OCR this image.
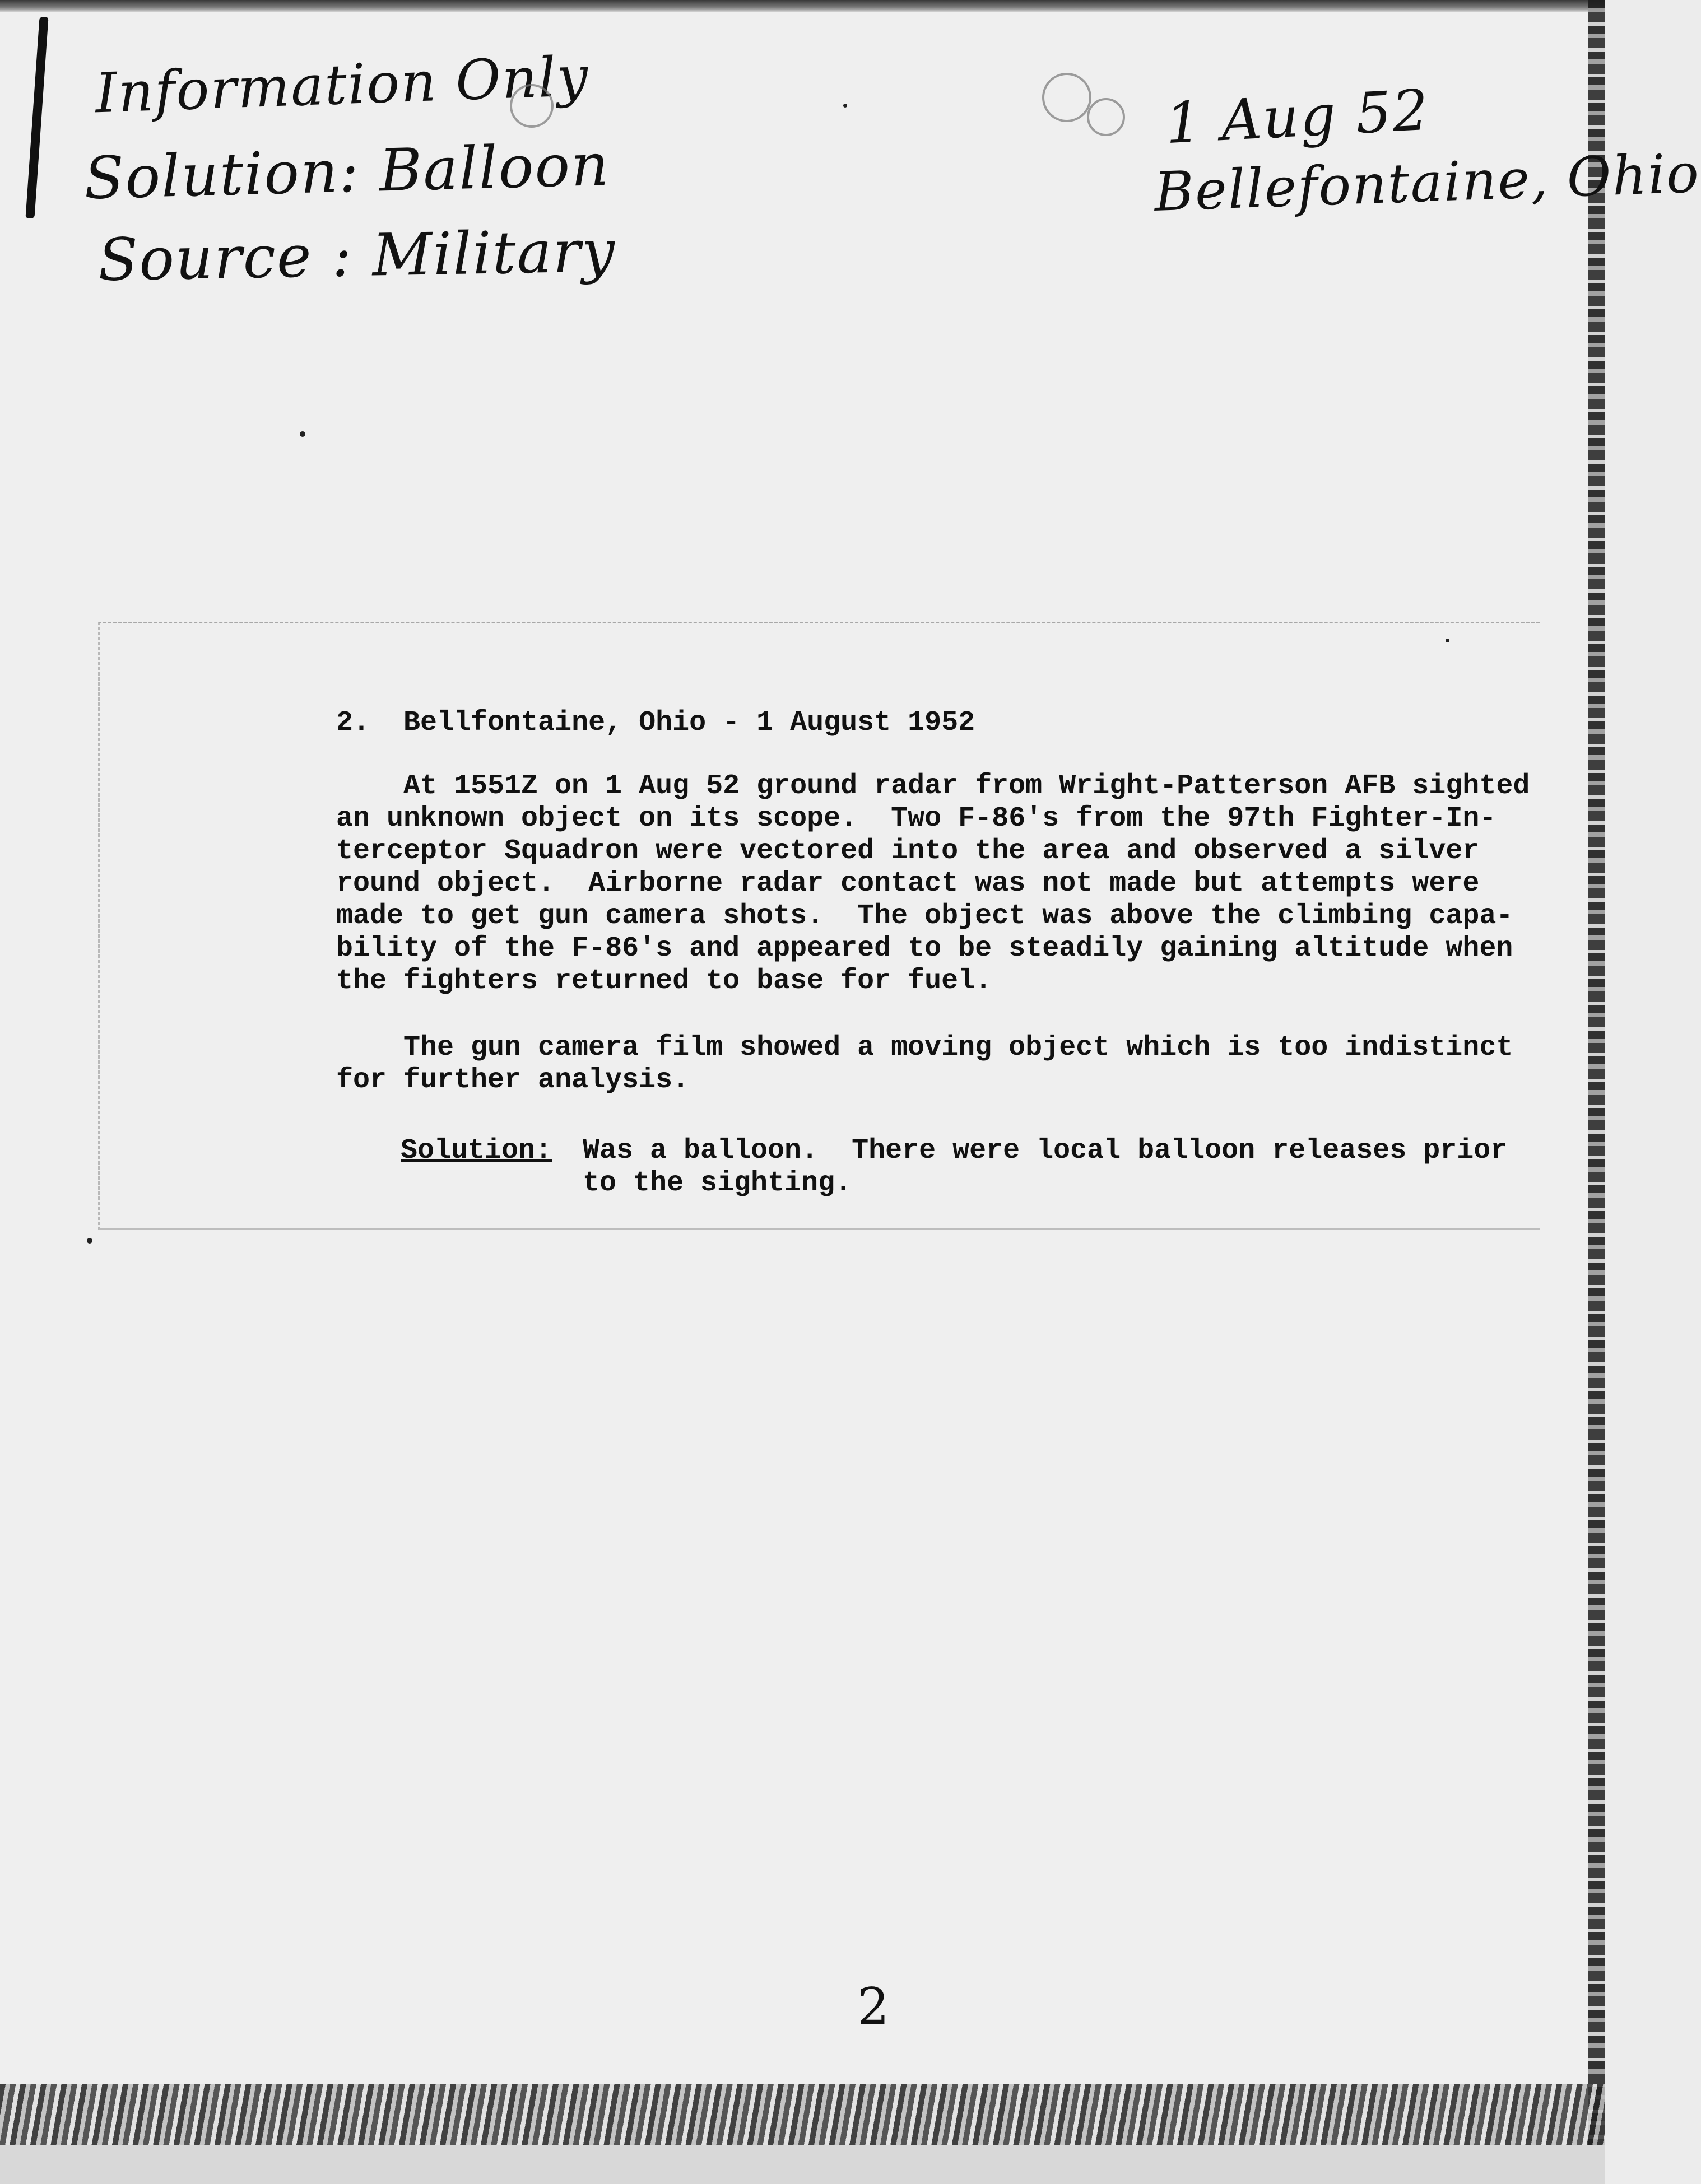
Information Only
Solution: Balloon
Source : Military
1 Aug 52
Bellefontaine, Ohio
2.  Bellfontaine, Ohio - 1 August 1952
At 1551Z on 1 Aug 52 ground radar from Wright-Patterson AFB sighted
an unknown object on its scope.  Two F-86's from the 97th Fighter-In-
terceptor Squadron were vectored into the area and observed a silver
round object.  Airborne radar contact was not made but attempts were
made to get gun camera shots.  The object was above the climbing capa-
bility of the F-86's and appeared to be steadily gaining altitude when
the fighters returned to base for fuel.
The gun camera film showed a moving object which is too indistinct
for further analysis.
Solution: Was a balloon.  There were local balloon releases prior
to the sighting.
2
